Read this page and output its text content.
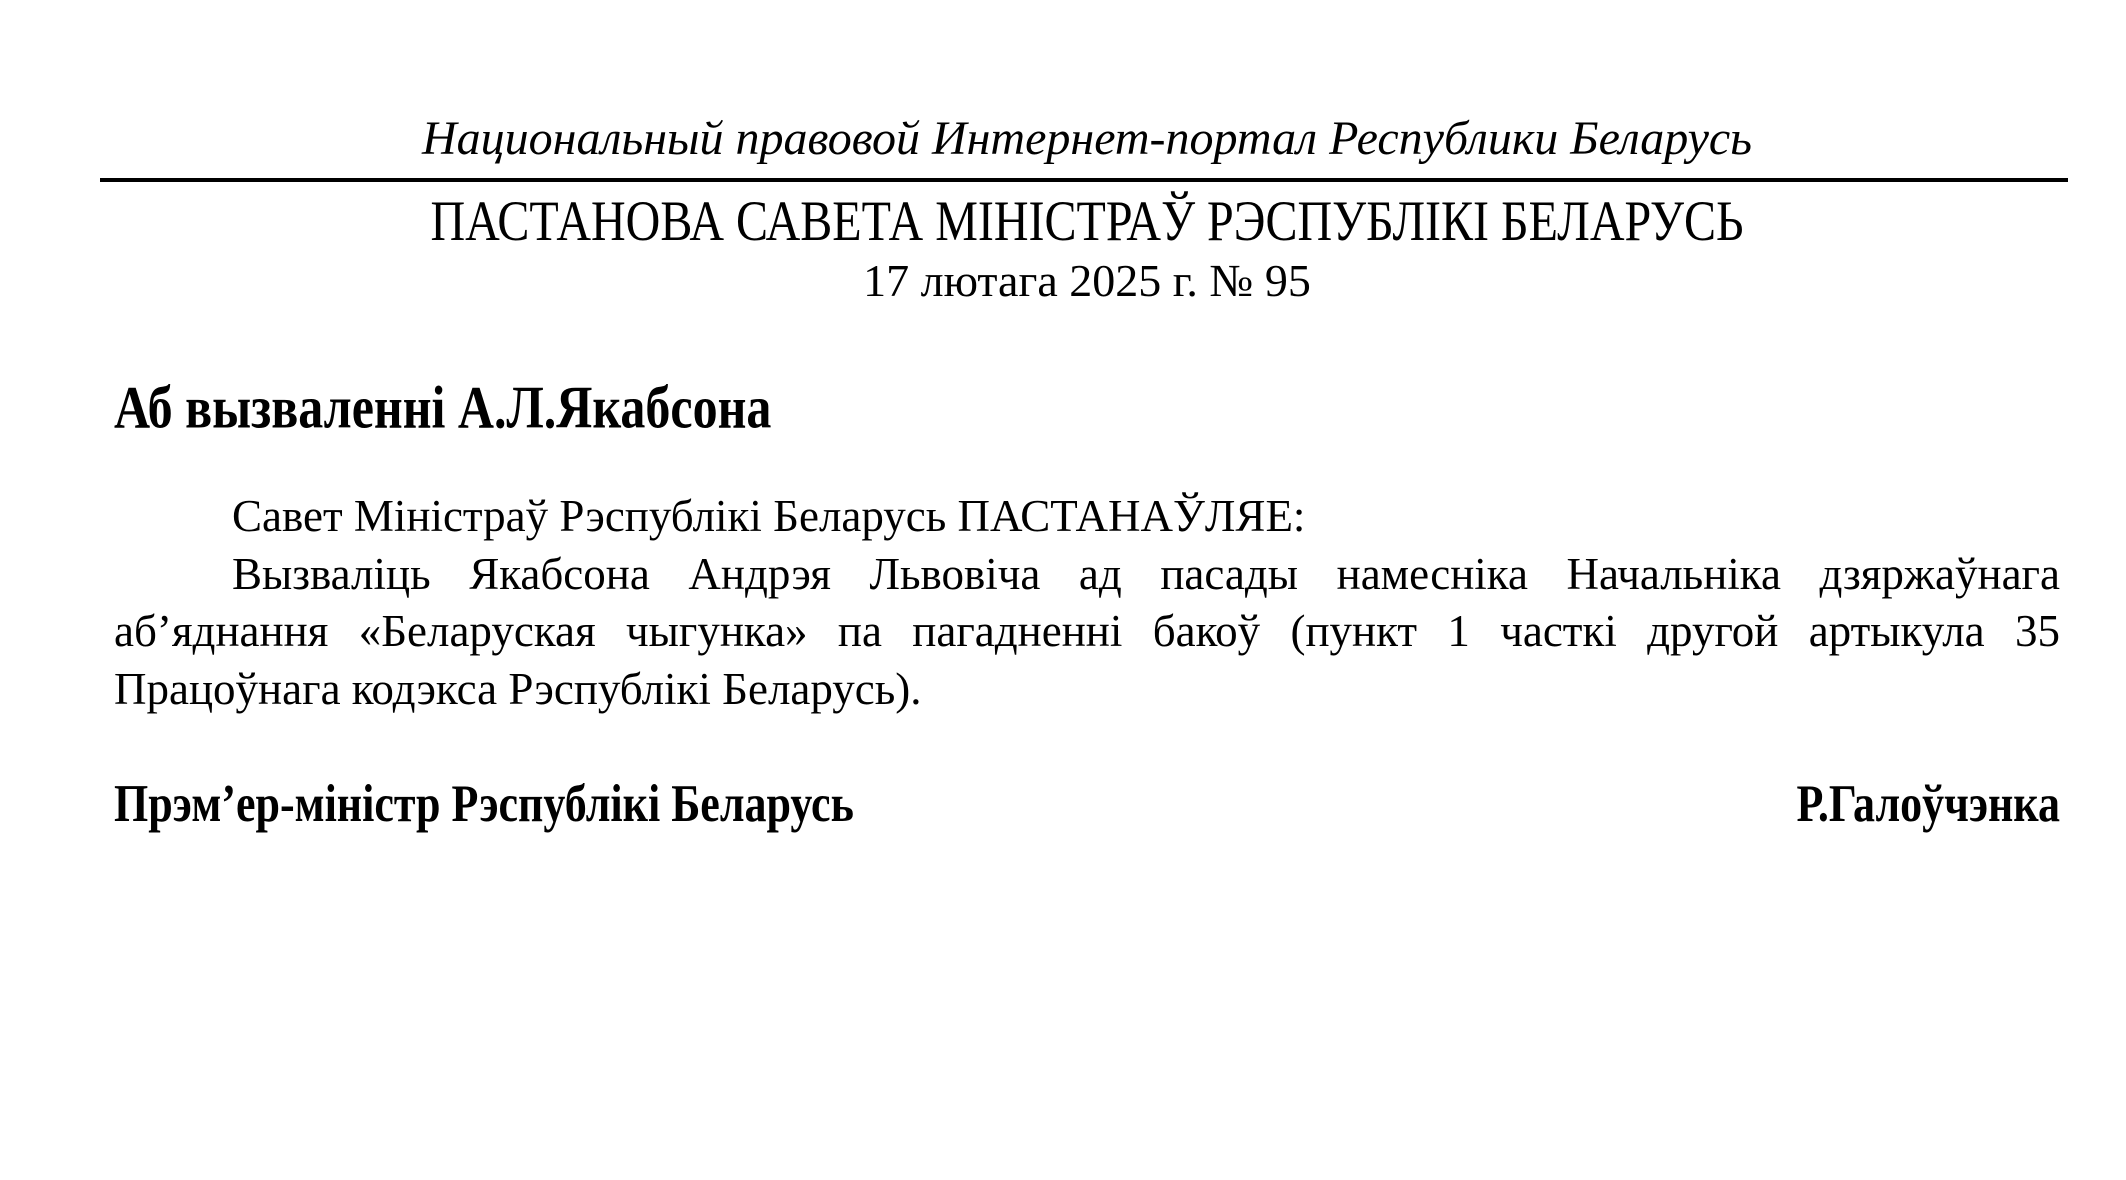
Национальный правовой Интернет-портал Республики Беларусь
ПАСТАНОВА САВЕТА МІНІСТРАЎ РЭСПУБЛІКІ БЕЛАРУСЬ
17 лютага 2025 г. № 95
Аб вызваленні А.Л.Якабсона

Савет Міністраў Рэспублікі Беларусь ПАСТАНАЎЛЯЕ:

Вызваліць Якабсона Андрэя Львовіча ад пасады намесніка Начальніка дзяржаўнага аб’яднання «Беларуская чыгунка» па пагадненні бакоў (пункт 1 часткі другой артыкула 35 Працоўнага кодэкса Рэспублікі Беларусь).

Прэм’ер-міністр Рэспублікі Беларусь	Р.Галоўчэнка
